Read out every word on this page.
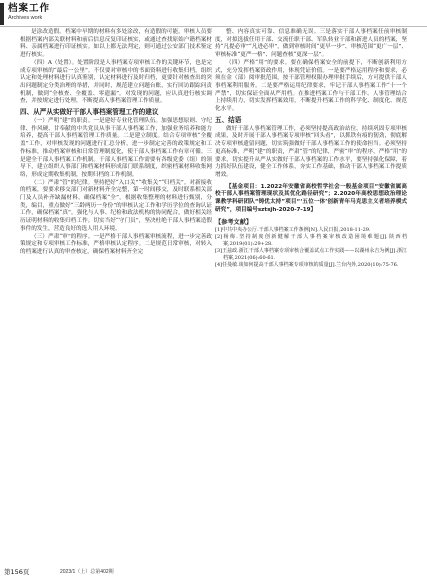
档案工作
Archives work

是涂改造假。档案中早期的材料有多处涂改，有造假的可能。审核人员要根据档案内部关联材料和前后信息反复印证核实，或通过查找原始户籍档案材料、亲属档案进行印证核实。如以上都无法判定，则可通过公安部门技术鉴定进行核实。

（四）A（处置）。处置阶段是人事档案专项审核工作的关键环节，也是完成专项审核的“最后一公里”。不仅要对审核中的书面资料进行收集归档，组织认定和处理材料进行认真鉴别，认定材料进行及时归档，更要针对核查出的突出问题制定分类治理的举措，并同时，规范建立问题台账，实行回访跟踪问责机制，做到“全核查、全覆盖、零遗漏”。对发现的问题，应认真进行核实调查，并按规定进行处理，不断提高人事档案管理工作质量。

四、从严从实做好干部人事档案管理工作的建议

（一）严明“建”的职责。一是建好专业化管理队伍。加强思想原则、守纪律、作风硬、甘奉献的中共党员从事干部人事档案工作，加强业务培养和能力培养，提高干部人事档案管理工作质量。二是建立制度。结合专项审核“全覆盖”工作，对审核发现的问题进行汇总分析，进一步制定完善的政策规定和工作标准，推动档案审核和日常管理制度化，使干部人事档案工作有章可循。三是建全干部人事档案工作机制。干部人事档案工作需要有各级党委（组）的领导下，建立组织人事部门和档案材料形成部门联系制度，织密档案材料收集网络，形成定期收集机制，按期归档的工作机制。

（二）严肃“管”的纪律。坚持把好“入口关”“收集关”“归档关”。对新接收的档案，要要求移交部门对新材料齐全完整，第一时间移交，及时联系相关部门及人员补齐缺漏材料。确保档案“全”，根据收集整理的材料进行甄别，分类，编目，重点做好“三龄两历一身份”的审核认定工作和学历学位的查询认证工作，确保档案“真”。强化与人事、纪检和政法机构的协同配合，做好相关经历证明材料的收集归档工作。切实当好“守门员”，坚决杜绝干部人事档案造假事件的发生，营造良好的选人用人环境。

（三）严肃“审”的程序。一是严格干部人事档案审核流程，进一步完善政策规定和专项审核工作标准，严格审核认定程序。二是规范日常审核，对转入的档案进行认真的审查核定，确保档案材料齐全完

整、内容真实可靠、信息准确无误。三是落实干部人事档案任前审核制度，对拟选拔任用干部、交流任职干部、军队转业干部和新进人员的档案，坚持“凡提必审”“凡进必审”，做到审核时间“更早一步”、审核范围“更广一层”、审核标准“更严一格”、问题查核“更深一层”。

（四）严格“用”的要求。要在确保档案安全的前提下，不断创新利用方式，充分发挥档案资政作用，体现凭证价值。一是要严格运用程序和要求，必须在金（部）阅审批范围，按干部管理权限办理审批手续后，方可提供干部人事档案利用服务。二是要严格运用纪律要求，牢记干部人事档案工作“十一个严禁”，切实保证全面从严用档。在推进档案工作与干部工作、人事管理结合上持续用力，切实发挥档案效用，不断提升档案工作的科学化、制度化、规范化水平。

五、结语

做好干部人事档案管理工作，必须坚持提高政治站位，持续巩固专项审核成果，及时开展干部人事档案专项审核“回头看”，以抓铁有痕的韧劲，彻底解决专项审核遗留问题，切实筑强做好干部人事档案工作的使命担当。必须坚持更高标准，严明“建”的职责，严肃“管”的纪律，严密“审”的程序，严格“用”的要求，切实提升从严从实做好干部人事档案的工作水平，要坚持强化保障，着力抓好队伍建设，健全工作体系，夯实工作基础，推动干部人事档案工作提质增效。

【基金项目：1.2022年安徽省高校哲学社会一般基金项目“安徽省属高校干部人事档案管理现状及其优化路径研究”；2.2020年高校思想政治理论课教学科研团队“铸优太持”项目“‘五位一体’创新青年马克思主义者培养模式研究”，项目编号sztsjh-2020-7-19】

【参考文献】

[1]中共中央办公厅.干部人事档案工作条例[N].人民日报,2018-11-29.

[2]杨梅.坚持制度创新健解干部人事档案审核改造困境难题[J].陕西档案,2019(01):29+28.

[3]王兹政.浙江干部人事档案专项审核合覆盖试点工作实践——以湖州永吉为例[J].浙江档案,2021(06):60-61.

[4]任曼敏.谈如何提高干部人事档案专项审核的质量[J].兰台内外,2020(10):75-76.

第156页	2023/1（上）总第402期
